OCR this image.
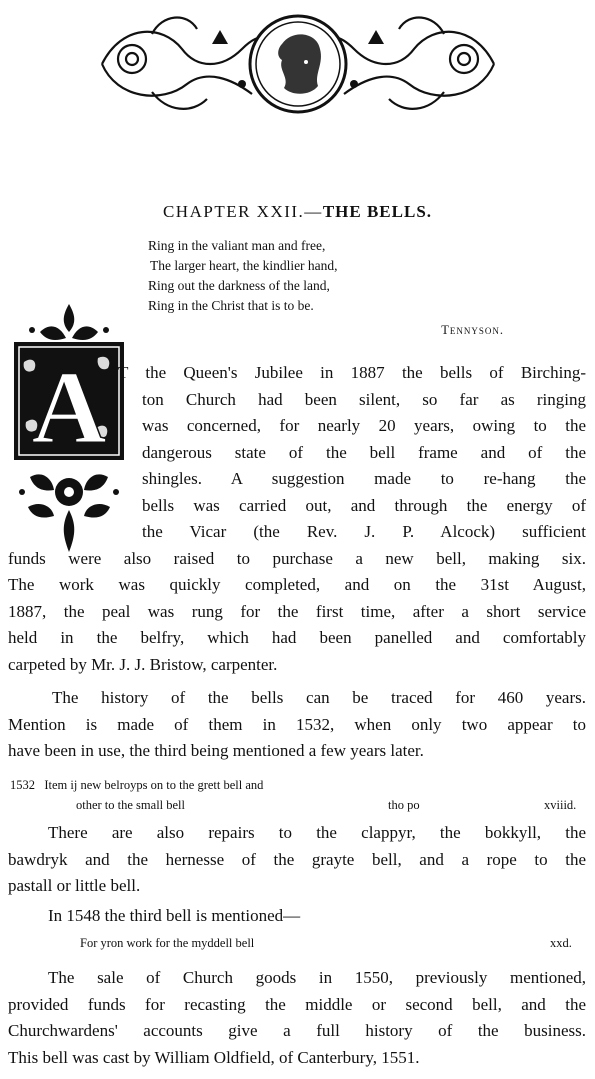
CHAPTER XXII.—THE BELLS.
Ring in the valiant man and free,
The larger heart, the kindlier hand,
Ring out the darkness of the land,
Ring in the Christ that is to be.
Tennyson.
A T the Queen's Jubilee in 1887 the bells of Birching-
ton Church had been silent, so far as ringing
was concerned, for nearly 20 years, owing to the
dangerous state of the bell frame and of the
shingles. A suggestion made to re-hang the
bells was carried out, and through the energy of
the Vicar (the Rev. J. P. Alcock) sufficient
funds were also raised to purchase a new bell, making six.
The work was quickly completed, and on the 31st August,
1887, the peal was rung for the first time, after a short service
held in the belfry, which had been panelled and comfortably
carpeted by Mr. J. J. Bristow, carpenter.
The history of the bells can be traced for 460 years.
Mention is made of them in 1532, when only two appear to
have been in use, the third being mentioned a few years later.
1532 Item ij new belroyps on to the grett bell and
other to the small bell	tho po	xviiid.
There are also repairs to the clappyr, the bokkyll, the
bawdryk and the hernesse of the grayte bell, and a rope to the
pastall or little bell.
In 1548 the third bell is mentioned—
For yron work for the myddell bell	xxd.
The sale of Church goods in 1550, previously mentioned,
provided funds for recasting the middle or second bell, and the
Churchwardens' accounts give a full history of the business.
This bell was cast by William Oldfield, of Canterbury, 1551.
